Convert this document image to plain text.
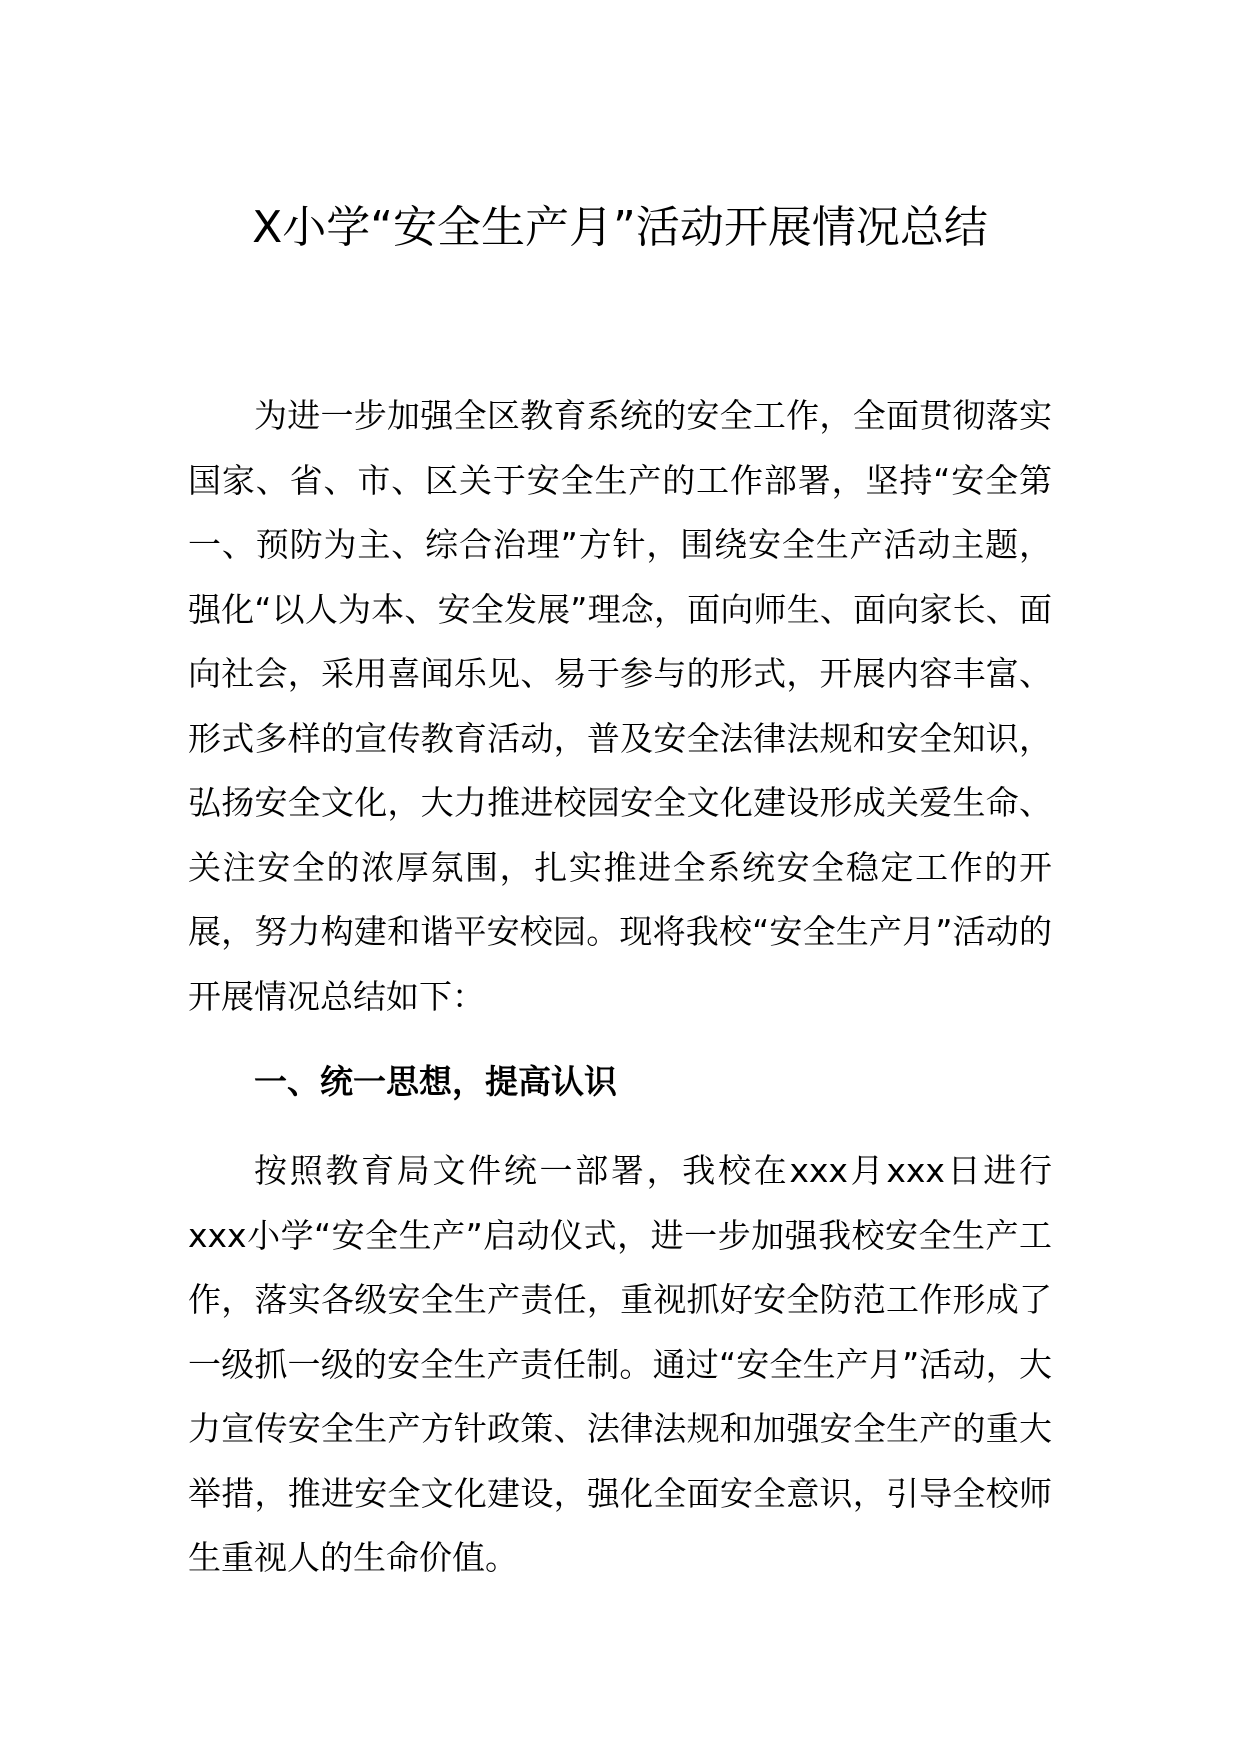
X小学“安全生产月”活动开展情况总结

为进一步加强全区教育系统的安全工作，全面贯彻落实国家、省、市、区关于安全生产的工作部署，坚持“安全第一、预防为主、综合治理”方针，围绕安全生产活动主题，强化“以人为本、安全发展”理念，面向师生、面向家长、面向社会，采用喜闻乐见、易于参与的形式，开展内容丰富、形式多样的宣传教育活动，普及安全法律法规和安全知识，弘扬安全文化，大力推进校园安全文化建设形成关爱生命、关注安全的浓厚氛围，扎实推进全系统安全稳定工作的开展，努力构建和谐平安校园。现将我校“安全生产月”活动的开展情况总结如下：

一、统一思想，提高认识

按照教育局文件统一部署，我校在xxx月xxx日进行xxx小学“安全生产”启动仪式，进一步加强我校安全生产工作，落实各级安全生产责任，重视抓好安全防范工作形成了一级抓一级的安全生产责任制。通过“安全生产月”活动，大力宣传安全生产方针政策、法律法规和加强安全生产的重大举措，推进安全文化建设，强化全面安全意识，引导全校师生重视人的生命价值。
